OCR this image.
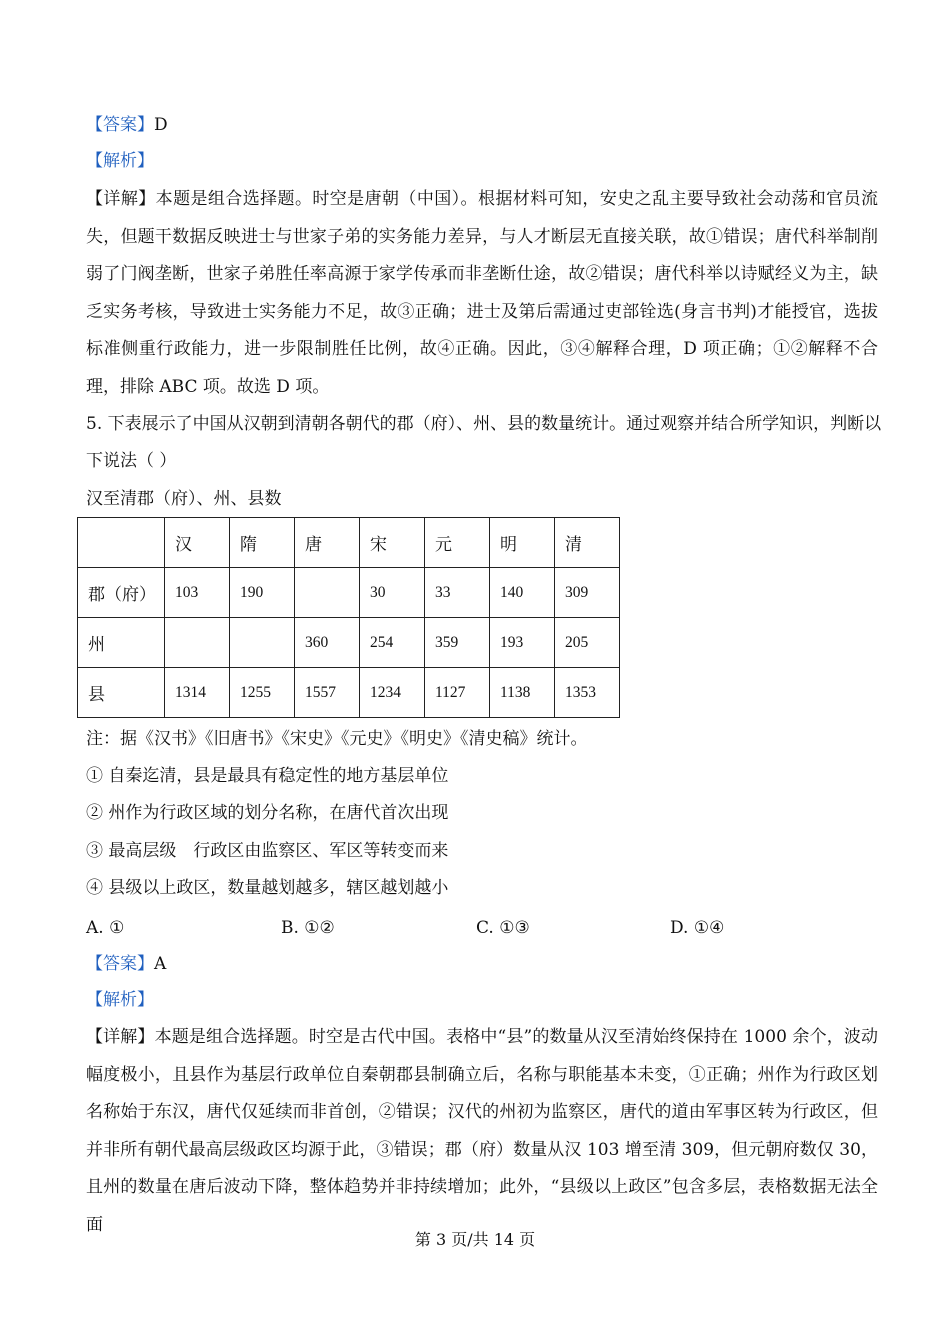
【答案】D
【解析】
【详解】本题是组合选择题。时空是唐朝（中国）。根据材料可知，安史之乱主要导致社会动荡和官员流失，但题干数据反映进士与世家子弟的实务能力差异，与人才断层无直接关联，故①错误；唐代科举制削弱了门阀垄断，世家子弟胜任率高源于家学传承而非垄断仕途，故②错误；唐代科举以诗赋经义为主，缺乏实务考核，导致进士实务能力不足，故③正确；进士及第后需通过吏部铨选(身言书判)才能授官，选拔标准侧重行政能力，进一步限制胜任比例，故④正确。因此，③④解释合理，D 项正确；①②解释不合理，排除 ABC 项。故选 D 项。
5. 下表展示了中国从汉朝到清朝各朝代的郡（府）、州、县的数量统计。通过观察并结合所学知识，判断以
下说法（ ）
汉至清郡（府）、州、县数
	汉	隋	唐	宋	元	明	清
郡（府）	103	190		30	33	140	309
州			360	254	359	193	205
县	1314	1255	1557	1234	1127	1138	1353
注：据《汉书》《旧唐书》《宋史》《元史》《明史》《清史稿》统计。
① 自秦迄清，县是最具有稳定性的地方基层单位
② 州作为行政区域的划分名称，在唐代首次出现
③ 最高层级　行政区由监察区、军区等转变而来
④ 县级以上政区，数量越划越多，辖区越划越小
A. ①	B. ①②	C. ①③	D. ①④
【答案】A
【解析】
【详解】本题是组合选择题。时空是古代中国。表格中“县”的数量从汉至清始终保持在 1000 余个，波动幅度极小，且县作为基层行政单位自秦朝郡县制确立后，名称与职能基本未变，①正确；州作为行政区划名称始于东汉，唐代仅延续而非首创，②错误；汉代的州初为监察区，唐代的道由军事区转为行政区，但并非所有朝代最高层级政区均源于此，③错误；郡（府）数量从汉 103 增至清 309，但元朝府数仅 30，且州的数量在唐后波动下降，整体趋势并非持续增加；此外，“县级以上政区”包含多层，表格数据无法全面
第 3 页/共 14 页
